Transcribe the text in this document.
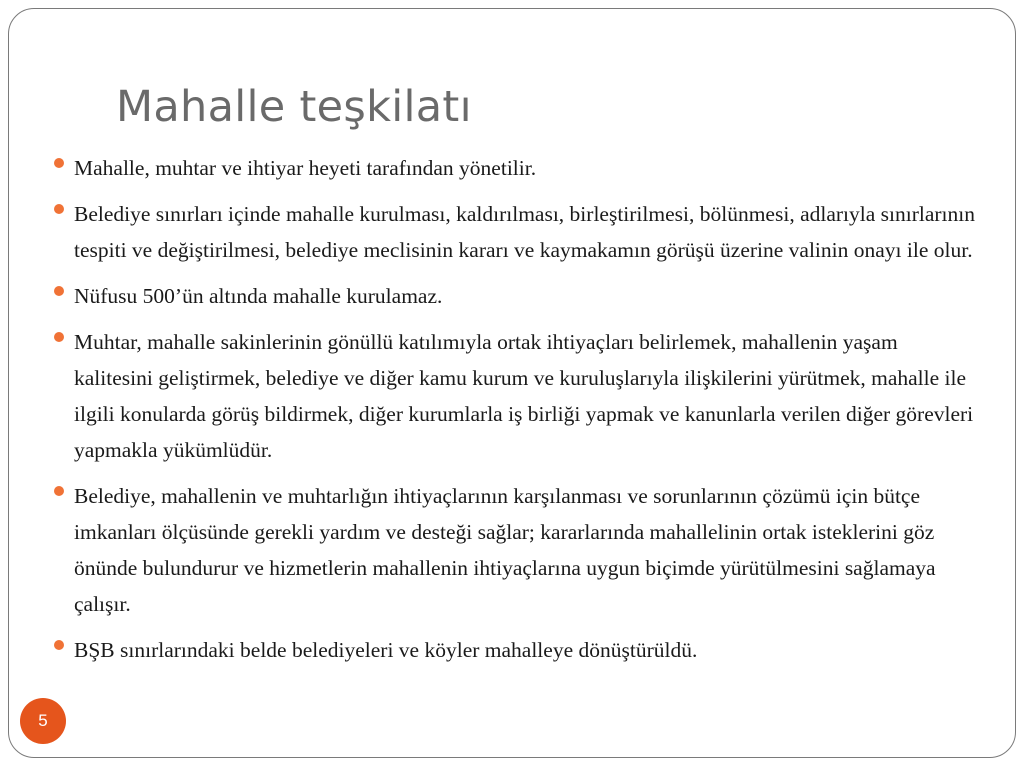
Mahalle teşkilatı
Mahalle, muhtar ve ihtiyar heyeti tarafından yönetilir.
Belediye sınırları içinde mahalle kurulması, kaldırılması, birleştirilmesi, bölünmesi, adlarıyla sınırlarının tespiti ve değiştirilmesi, belediye meclisinin kararı ve kaymakamın görüşü üzerine valinin onayı ile olur.
Nüfusu 500’ün altında mahalle kurulamaz.
Muhtar, mahalle sakinlerinin gönüllü katılımıyla ortak ihtiyaçları belirlemek, mahallenin yaşam kalitesini geliştirmek, belediye ve diğer kamu kurum ve kuruluşlarıyla ilişkilerini yürütmek, mahalle ile ilgili konularda görüş bildirmek, diğer kurumlarla iş birliği yapmak ve kanunlarla verilen diğer görevleri yapmakla yükümlüdür.
Belediye, mahallenin ve muhtarlığın ihtiyaçlarının karşılanması ve sorunlarının çözümü için bütçe imkanları ölçüsünde gerekli yardım ve desteği sağlar; kararlarında mahallelinin ortak isteklerini göz önünde bulundurur ve hizmetlerin mahallenin ihtiyaçlarına uygun biçimde yürütülmesini sağlamaya çalışır.
BŞB sınırlarındaki belde belediyeleri ve köyler mahalleye dönüştürüldü.
5
